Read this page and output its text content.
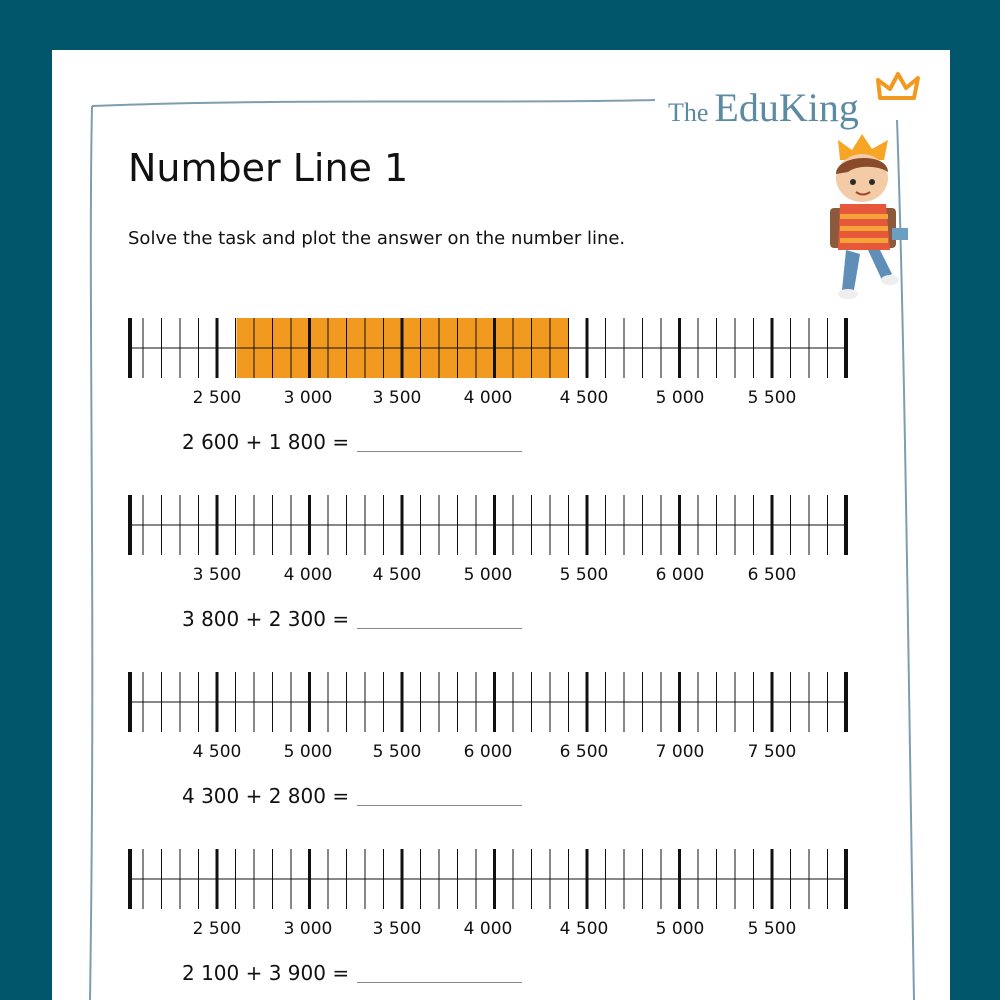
The EduKing
Number Line 1
Solve the task and plot the answer on the number line.
2 500 3 000 3 500 4 000	4 500	5 000	5 500
2 600 + 1 800 =
3 500 4 000 4 500 5 000	5 500	6 000	6 500
3 800 + 2 300 =
4 500 5 000 5 500 6 000	6 500	7 000	7 500
4 300 + 2 800 =
2 500 3 000 3 500 4 000	4 500	5 000	5 500
2 100 + 3 900 =
